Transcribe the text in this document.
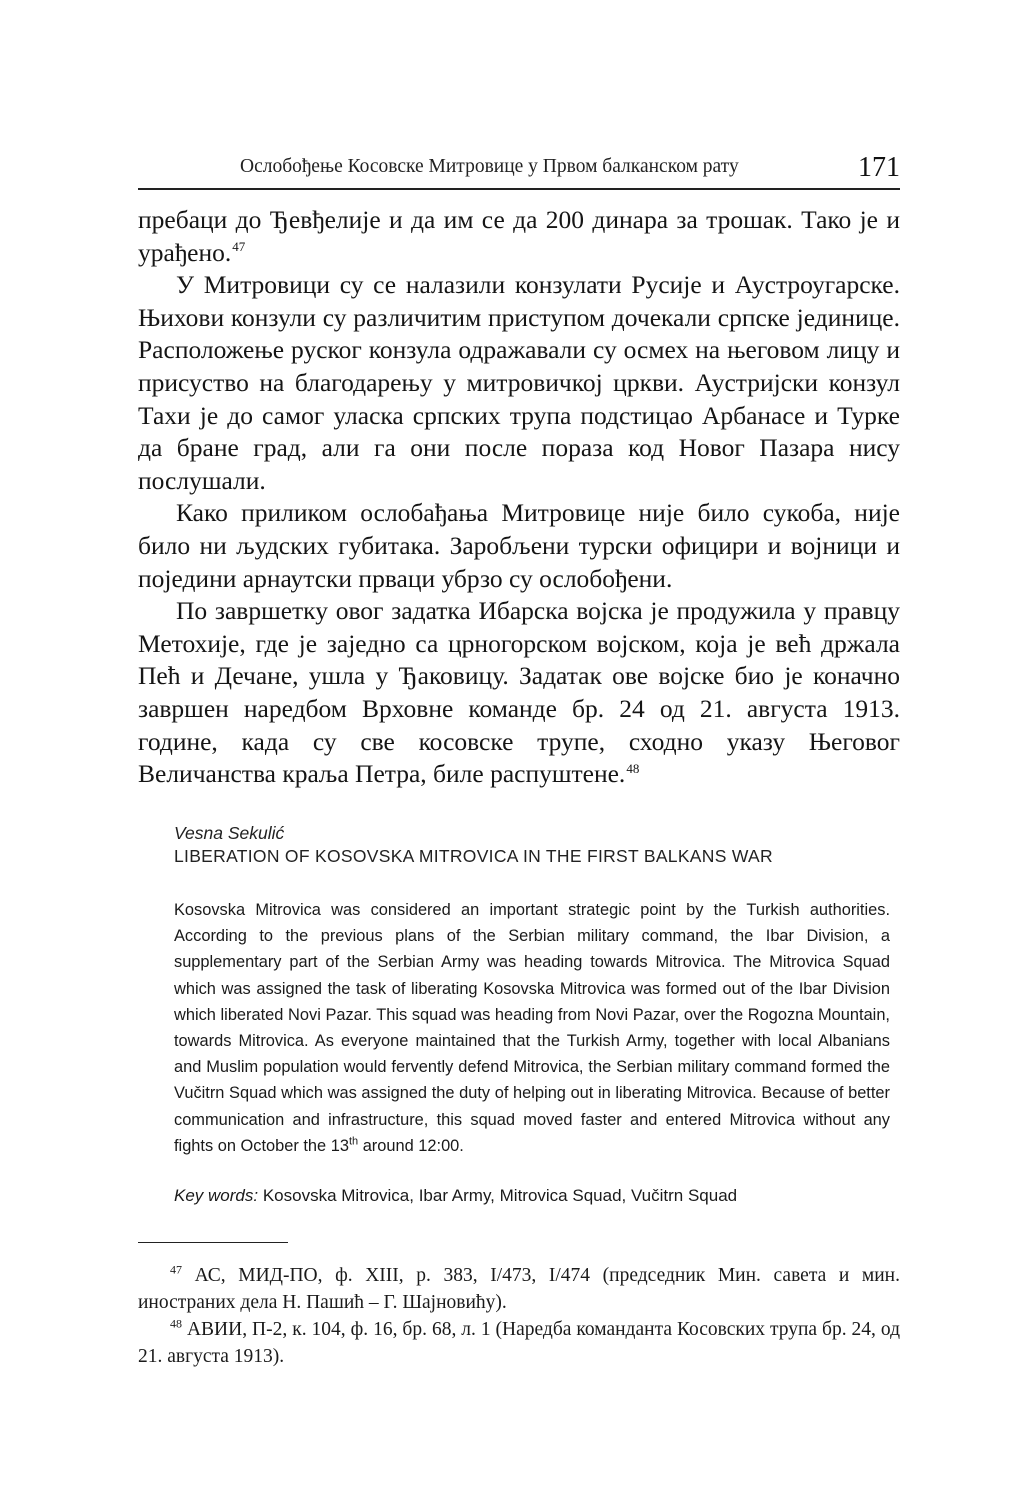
Ослобођење Косовске Митровице у Првом балканском рату	171

пребаци до Ђевђелије и да им се да 200 динара за трошак. Тако је и урађено.$^{47}$

У Митровици су се налазили конзулати Русије и Аустроугарске. Њихови конзули су различитим приступом дочекали српске јединице. Расположење руског конзула одражавали су осмех на његовом лицу и присуство на благодарењу у митровичкој цркви. Аустријски конзул Тахи је до самог уласка српских трупа подстицао Арбанасе и Турке да бране град, али га они после пораза код Новог Пазара нису послушали.

Како приликом ослобађања Митровице није било сукоба, није било ни људских губитака. Заробљени турски официри и војници и поједини арнаутски прваци убрзо су ослобођени.

По завршетку овог задатка Ибарска војска је продужила у правцу Метохије, где је заједно са црногорском војском, која је већ држала Пећ и Дечане, ушла у Ђаковицу. Задатак ове војске био је коначно завршен наредбом Врховне команде бр. 24 од 21. августа 1913. године, када су све косовске трупе, сходно указу Његовог Величанства краља Петра, биле распуштене.$^{48}$

Vesna Sekulić
LIBERATION OF KOSOVSKA MITROVICA IN THE FIRST BALKANS WAR
Kosovska Mitrovica was considered an important strategic point by the Turkish authorities. According to the previous plans of the Serbian military command, the Ibar Division, a supplementary part of the Serbian Army was heading towards Mitrovica. The Mitrovica Squad which was assigned the task of liberating Kosovska Mitrovica was formed out of the Ibar Division which liberated Novi Pazar. This squad was heading from Novi Pazar, over the Rogozna Mountain, towards Mitrovica. As everyone maintained that the Turkish Army, together with local Albanians and Muslim population would fervently defend Mitrovica, the Serbian military command formed the Vučitrn Squad which was assigned the duty of helping out in liberating Mitrovica. Because of better communication and infrastructure, this squad moved faster and entered Mitrovica without any fights on October the 13th around 12:00.
Key words: Kosovska Mitrovica, Ibar Army, Mitrovica Squad, Vučitrn Squad

$^{47}$ АС, МИД-ПО, ф. XIII, р. 383, I/473, I/474 (председник Мин. савета и мин. иностраних дела Н. Пашић – Г. Шајновићу).

$^{48}$ АВИИ, П-2, к. 104, ф. 16, бр. 68, л. 1 (Наредба команданта Косовских трупа бр. 24, од 21. августа 1913).
